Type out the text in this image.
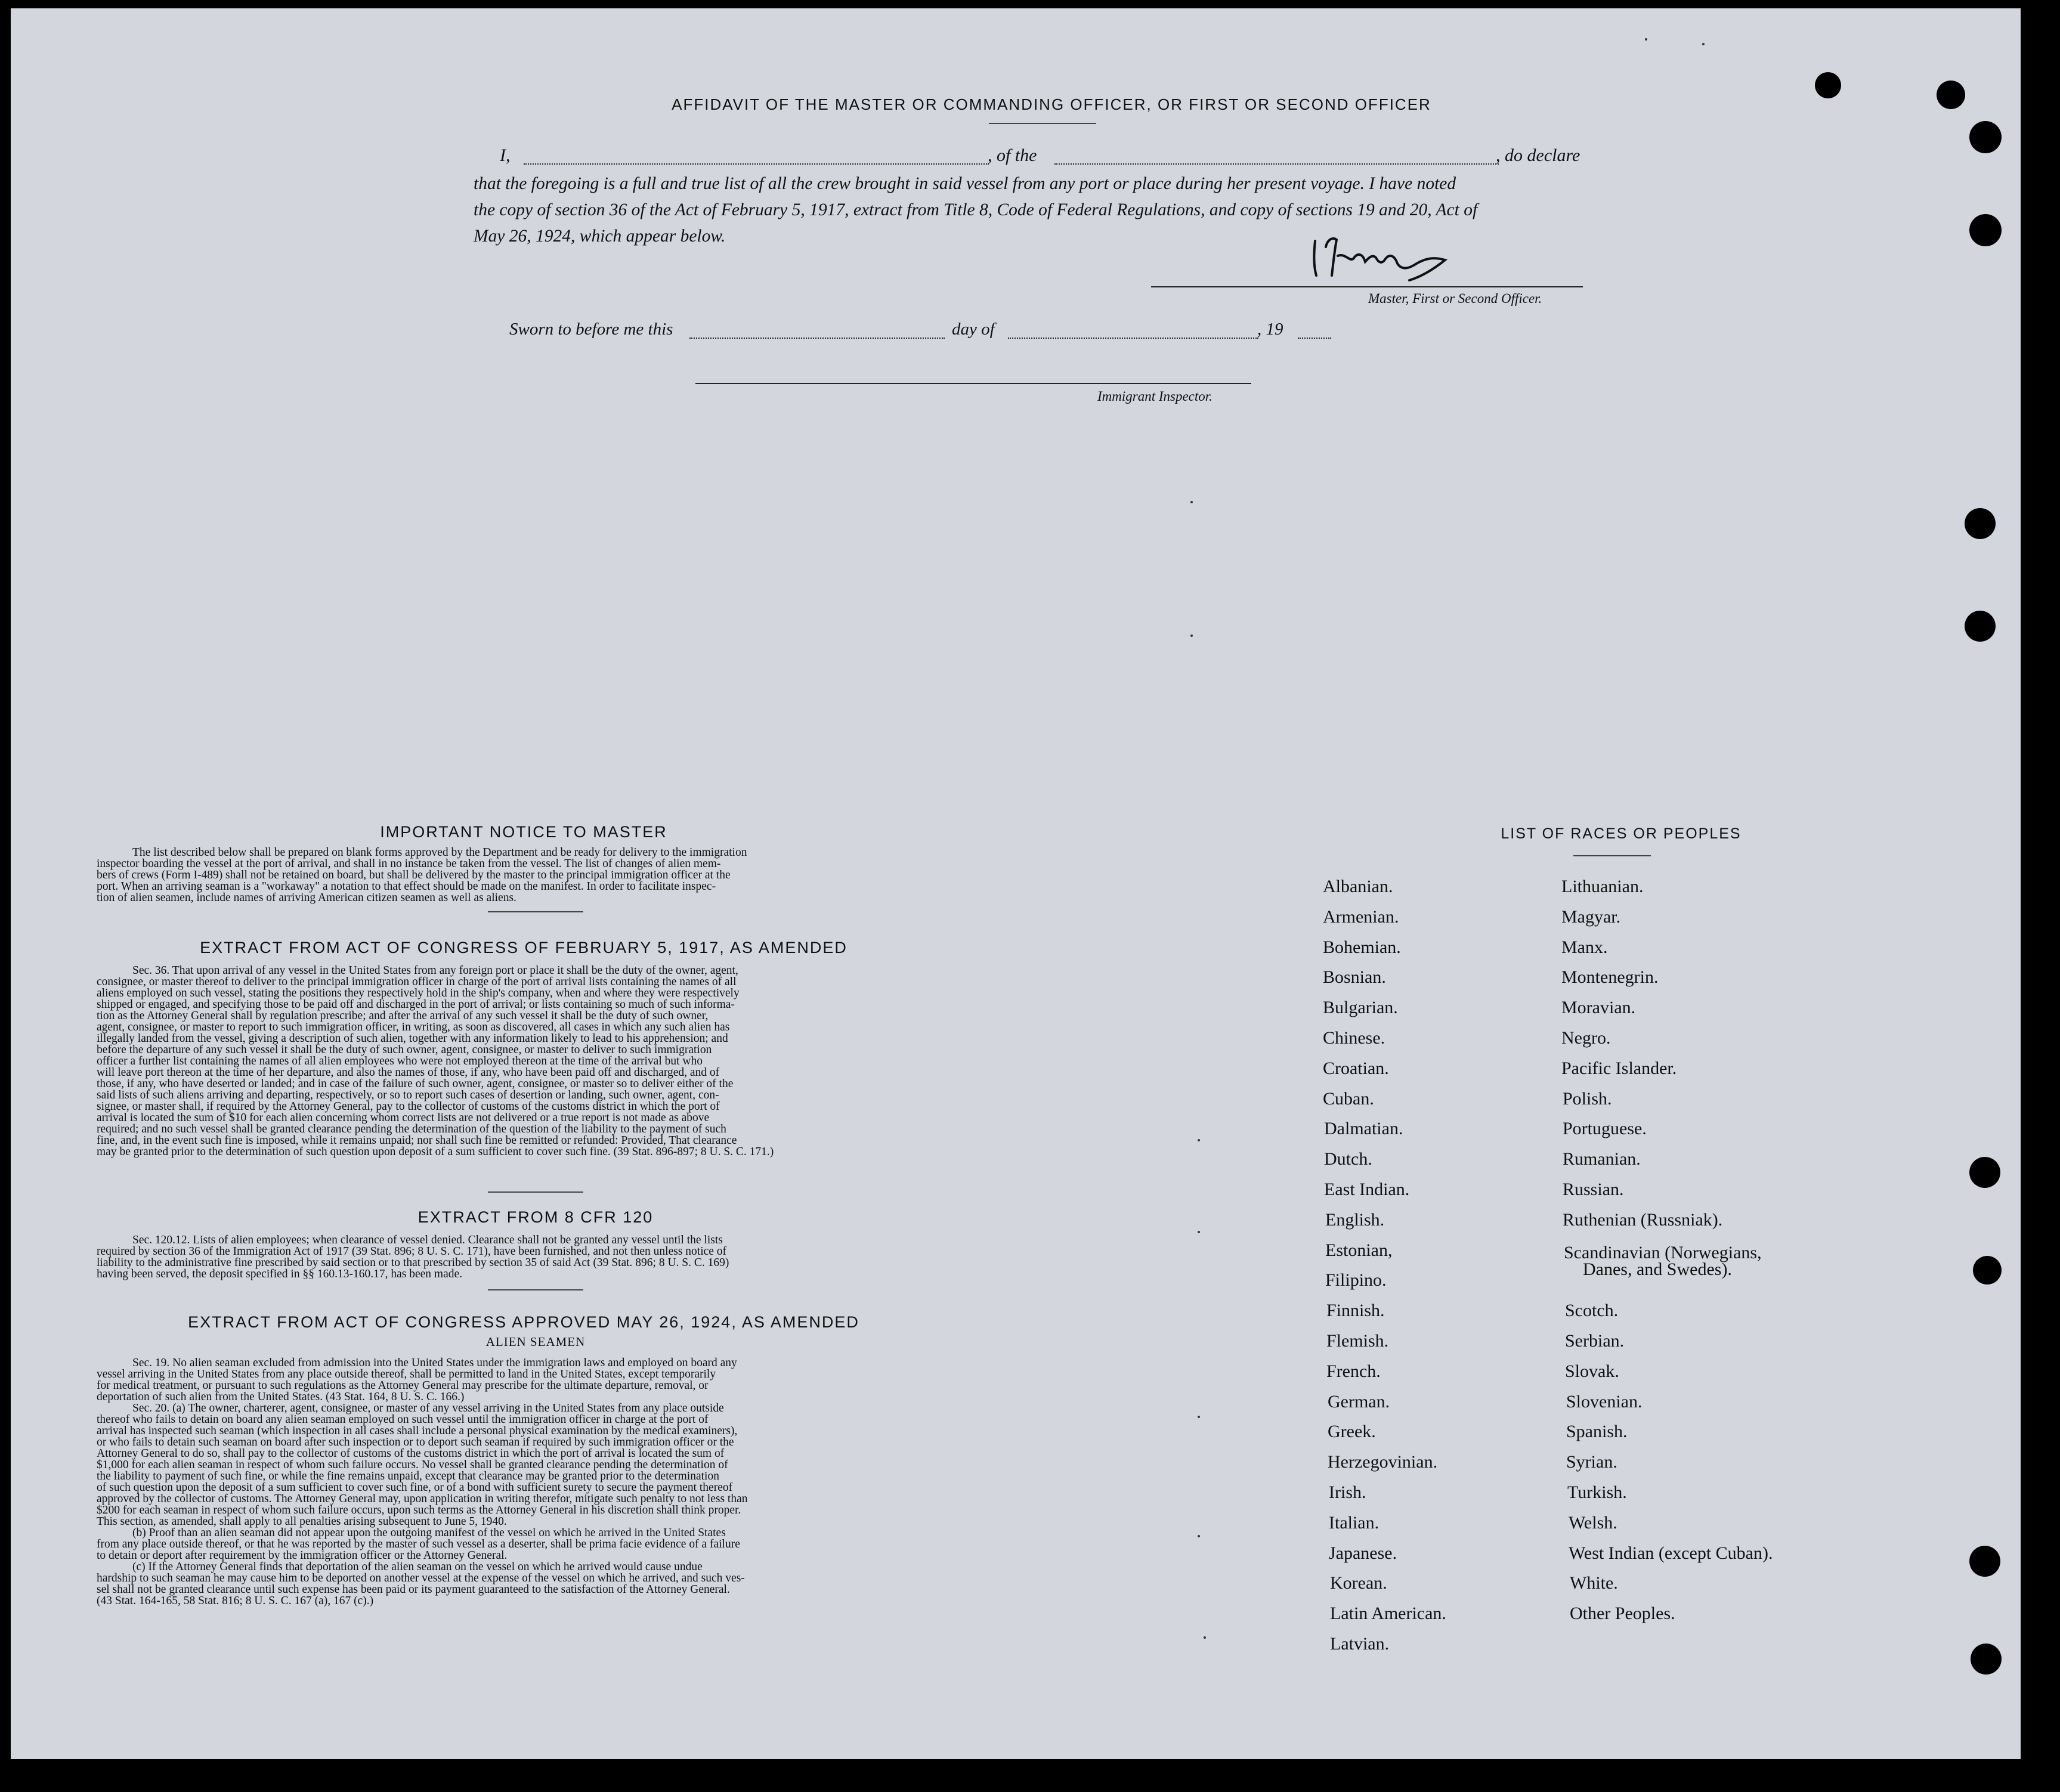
AFFIDAVIT OF THE MASTER OR COMMANDING OFFICER, OR FIRST OR SECOND OFFICER
I,	, of the	, do declare
that the foregoing is a full and true list of all the crew brought in said vessel from any port or place during her present voyage. I have noted
the copy of section 36 of the Act of February 5, 1917, extract from Title 8, Code of Federal Regulations, and copy of sections 19 and 20, Act of
May 26, 1924, which appear below.
Master, First or Second Officer.
Sworn to before me this	day of	, 19
Immigrant Inspector.
IMPORTANT NOTICE TO MASTER
The list described below shall be prepared on blank forms approved by the Department and be ready for delivery to the immigration
inspector boarding the vessel at the port of arrival, and shall in no instance be taken from the vessel. The list of changes of alien mem-
bers of crews (Form I-489) shall not be retained on board, but shall be delivered by the master to the principal immigration officer at the
port. When an arriving seaman is a "workaway" a notation to that effect should be made on the manifest. In order to facilitate inspec-
tion of alien seamen, include names of arriving American citizen seamen as well as aliens.
EXTRACT FROM ACT OF CONGRESS OF FEBRUARY 5, 1917, AS AMENDED
Sec. 36. That upon arrival of any vessel in the United States from any foreign port or place it shall be the duty of the owner, agent,
consignee, or master thereof to deliver to the principal immigration officer in charge of the port of arrival lists containing the names of all
aliens employed on such vessel, stating the positions they respectively hold in the ship's company, when and where they were respectively
shipped or engaged, and specifying those to be paid off and discharged in the port of arrival; or lists containing so much of such informa-
tion as the Attorney General shall by regulation prescribe; and after the arrival of any such vessel it shall be the duty of such owner,
agent, consignee, or master to report to such immigration officer, in writing, as soon as discovered, all cases in which any such alien has
illegally landed from the vessel, giving a description of such alien, together with any information likely to lead to his apprehension; and
before the departure of any such vessel it shall be the duty of such owner, agent, consignee, or master to deliver to such immigration
officer a further list containing the names of all alien employees who were not employed thereon at the time of the arrival but who
will leave port thereon at the time of her departure, and also the names of those, if any, who have been paid off and discharged, and of
those, if any, who have deserted or landed; and in case of the failure of such owner, agent, consignee, or master so to deliver either of the
said lists of such aliens arriving and departing, respectively, or so to report such cases of desertion or landing, such owner, agent, con-
signee, or master shall, if required by the Attorney General, pay to the collector of customs of the customs district in which the port of
arrival is located the sum of $10 for each alien concerning whom correct lists are not delivered or a true report is not made as above
required; and no such vessel shall be granted clearance pending the determination of the question of the liability to the payment of such
fine, and, in the event such fine is imposed, while it remains unpaid; nor shall such fine be remitted or refunded: Provided, That clearance
may be granted prior to the determination of such question upon deposit of a sum sufficient to cover such fine. (39 Stat. 896-897; 8 U. S. C. 171.)
EXTRACT FROM 8 CFR 120
Sec. 120.12. Lists of alien employees; when clearance of vessel denied. Clearance shall not be granted any vessel until the lists
required by section 36 of the Immigration Act of 1917 (39 Stat. 896; 8 U. S. C. 171), have been furnished, and not then unless notice of
liability to the administrative fine prescribed by said section or to that prescribed by section 35 of said Act (39 Stat. 896; 8 U. S. C. 169)
having been served, the deposit specified in §§ 160.13-160.17, has been made.
EXTRACT FROM ACT OF CONGRESS APPROVED MAY 26, 1924, AS AMENDED
ALIEN SEAMEN
Sec. 19. No alien seaman excluded from admission into the United States under the immigration laws and employed on board any
vessel arriving in the United States from any place outside thereof, shall be permitted to land in the United States, except temporarily
for medical treatment, or pursuant to such regulations as the Attorney General may prescribe for the ultimate departure, removal, or
deportation of such alien from the United States. (43 Stat. 164, 8 U. S. C. 166.)
Sec. 20. (a) The owner, charterer, agent, consignee, or master of any vessel arriving in the United States from any place outside
thereof who fails to detain on board any alien seaman employed on such vessel until the immigration officer in charge at the port of
arrival has inspected such seaman (which inspection in all cases shall include a personal physical examination by the medical examiners),
or who fails to detain such seaman on board after such inspection or to deport such seaman if required by such immigration officer or the
Attorney General to do so, shall pay to the collector of customs of the customs district in which the port of arrival is located the sum of
$1,000 for each alien seaman in respect of whom such failure occurs. No vessel shall be granted clearance pending the determination of
the liability to payment of such fine, or while the fine remains unpaid, except that clearance may be granted prior to the determination
of such question upon the deposit of a sum sufficient to cover such fine, or of a bond with sufficient surety to secure the payment thereof
approved by the collector of customs. The Attorney General may, upon application in writing therefor, mitigate such penalty to not less than
$200 for each seaman in respect of whom such failure occurs, upon such terms as the Attorney General in his discretion shall think proper.
This section, as amended, shall apply to all penalties arising subsequent to June 5, 1940.
(b) Proof than an alien seaman did not appear upon the outgoing manifest of the vessel on which he arrived in the United States
from any place outside thereof, or that he was reported by the master of such vessel as a deserter, shall be prima facie evidence of a failure
to detain or deport after requirement by the immigration officer or the Attorney General.
(c) If the Attorney General finds that deportation of the alien seaman on the vessel on which he arrived would cause undue
hardship to such seaman he may cause him to be deported on another vessel at the expense of the vessel on which he arrived, and such ves-
sel shall not be granted clearance until such expense has been paid or its payment guaranteed to the satisfaction of the Attorney General.
(43 Stat. 164-165, 58 Stat. 816; 8 U. S. C. 167 (a), 167 (c).)
LIST OF RACES OR PEOPLES
Albanian.
Armenian.
Bohemian.
Bosnian.
Bulgarian.
Chinese.
Croatian.
Cuban.
Dalmatian.
Dutch.
East Indian.
English.
Estonian,
Filipino.
Finnish.
Flemish.
French.
German.
Greek.
Herzegovinian.
Irish.
Italian.
Japanese.
Korean.
Latin American.
Latvian.
Lithuanian.
Magyar.
Manx.
Montenegrin.
Moravian.
Negro.
Pacific Islander.
Polish.
Portuguese.
Rumanian.
Russian.
Ruthenian (Russniak).
Scandinavian (Norwegians,
Danes, and Swedes).
Scotch.
Serbian.
Slovak.
Slovenian.
Spanish.
Syrian.
Turkish.
Welsh.
West Indian (except Cuban).
White.
Other Peoples.
